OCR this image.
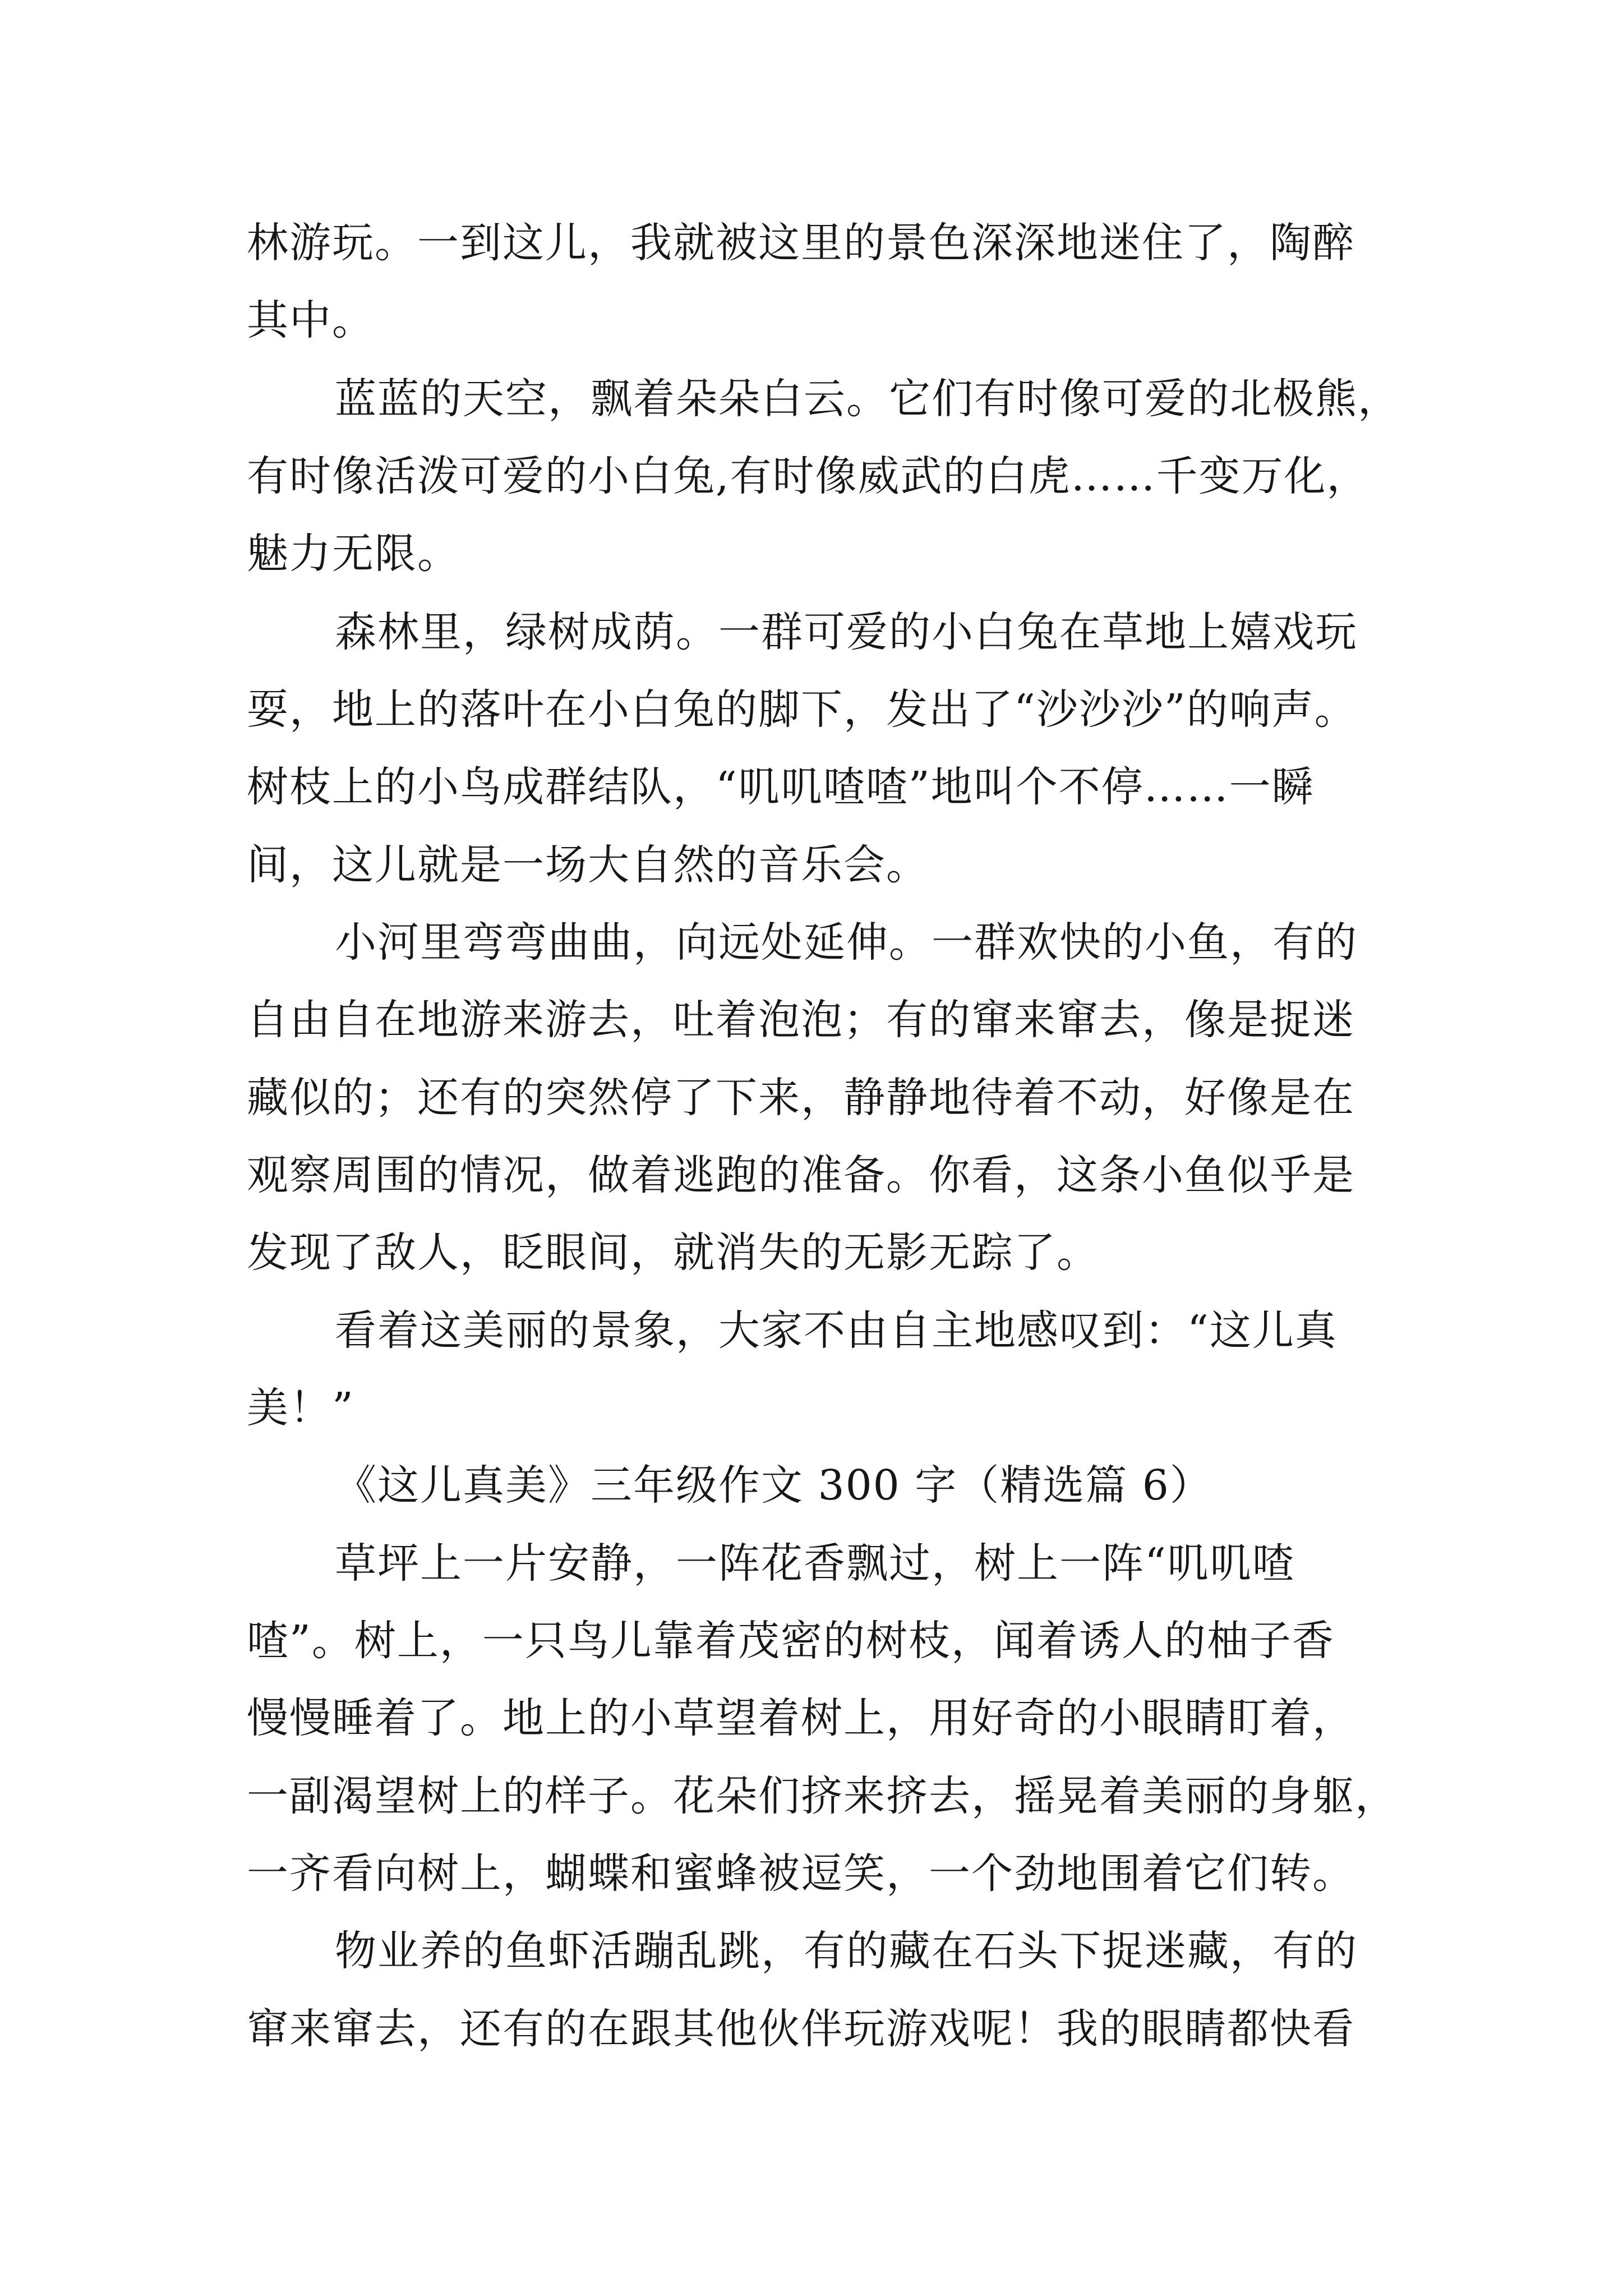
林游玩。一到这儿，我就被这里的景色深深地迷住了，陶醉
其中。
蓝蓝的天空，飘着朵朵白云。它们有时像可爱的北极熊，
有时像活泼可爱的小白兔,有时像威武的白虎……千变万化，
魅力无限。
森林里，绿树成荫。一群可爱的小白兔在草地上嬉戏玩
耍，地上的落叶在小白兔的脚下，发出了“沙沙沙”的响声。
树枝上的小鸟成群结队，“叽叽喳喳”地叫个不停……一瞬
间，这儿就是一场大自然的音乐会。
小河里弯弯曲曲，向远处延伸。一群欢快的小鱼，有的
自由自在地游来游去，吐着泡泡；有的窜来窜去，像是捉迷
藏似的；还有的突然停了下来，静静地待着不动，好像是在
观察周围的情况，做着逃跑的准备。你看，这条小鱼似乎是
发现了敌人，眨眼间，就消失的无影无踪了。
看着这美丽的景象，大家不由自主地感叹到：“这儿真
美！”
《这儿真美》三年级作文 300 字（精选篇 6）
草坪上一片安静，一阵花香飘过，树上一阵“叽叽喳
喳”。树上，一只鸟儿靠着茂密的树枝，闻着诱人的柚子香
慢慢睡着了。地上的小草望着树上，用好奇的小眼睛盯着，
一副渴望树上的样子。花朵们挤来挤去，摇晃着美丽的身躯，
一齐看向树上，蝴蝶和蜜蜂被逗笑，一个劲地围着它们转。
物业养的鱼虾活蹦乱跳，有的藏在石头下捉迷藏，有的
窜来窜去，还有的在跟其他伙伴玩游戏呢！我的眼睛都快看
